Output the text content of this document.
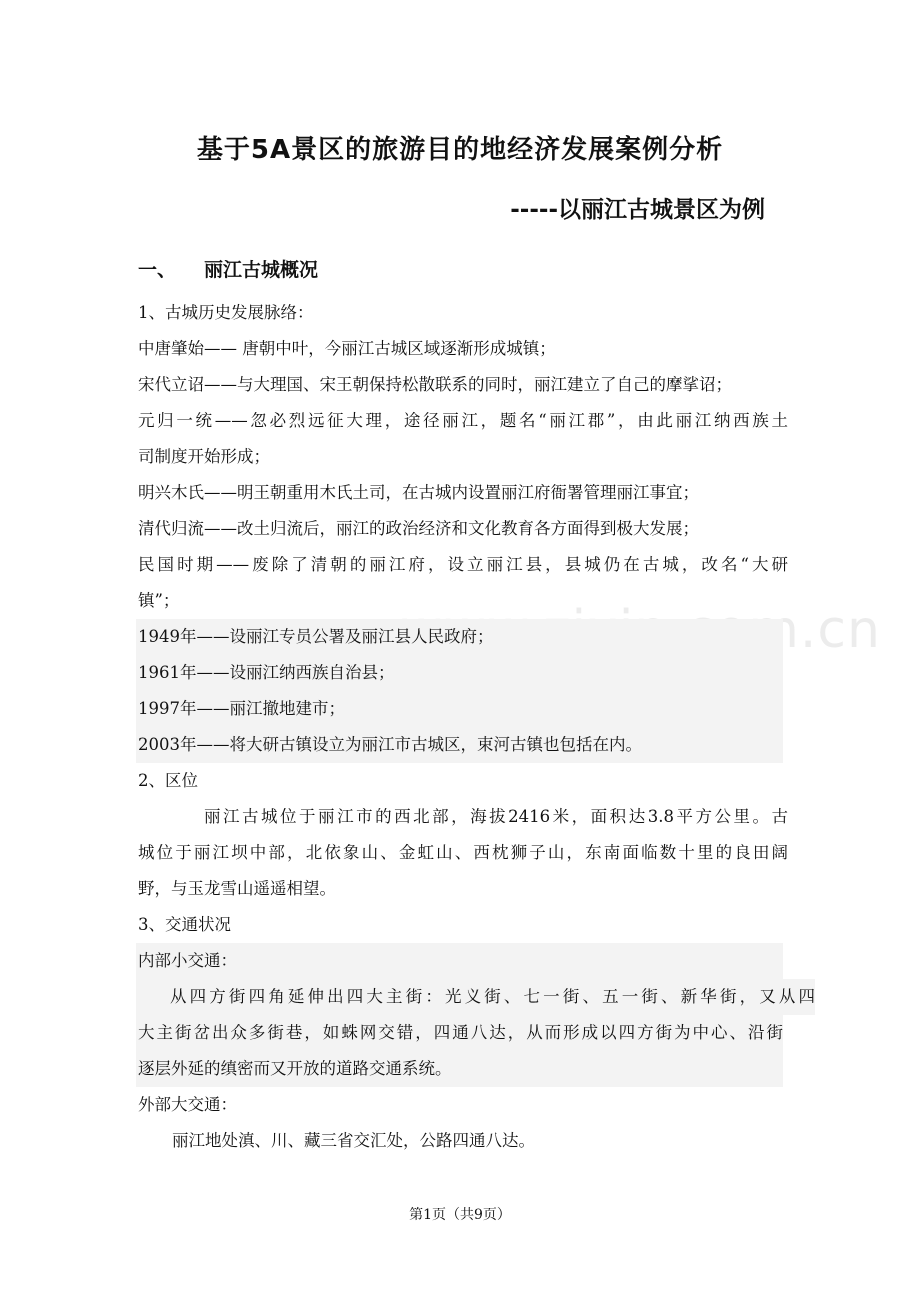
基于5A景区的旅游目的地经济发展案例分析
-----以丽江古城景区为例
一、 丽江古城概况
1、古城历史发展脉络：
中唐肇始—— 唐朝中叶，今丽江古城区域逐渐形成城镇；
宋代立诏——与大理国、宋王朝保持松散联系的同时，丽江建立了自己的摩挲诏；
元归一统——忽必烈远征大理，途径丽江，题名“丽江郡”，由此丽江纳西族土
司制度开始形成；
明兴木氏——明王朝重用木氏土司，在古城内设置丽江府衙署管理丽江事宜；
清代归流——改土归流后，丽江的政治经济和文化教育各方面得到极大发展；
民国时期——废除了清朝的丽江府，设立丽江县，县城仍在古城，改名“大研
镇”；
1949年——设丽江专员公署及丽江县人民政府；
1961年——设丽江纳西族自治县；
1997年——丽江撤地建市；
2003年——将大研古镇设立为丽江市古城区，束河古镇也包括在内。
2、区位
丽江古城位于丽江市的西北部，海拔2416米，面积达3.8平方公里。古
城位于丽江坝中部，北依象山、金虹山、西枕狮子山，东南面临数十里的良田阔
野，与玉龙雪山遥遥相望。
3、交通状况
内部小交通：
从四方街四角延伸出四大主街：光义街、七一街、五一街、新华街，又从四
大主街岔出众多街巷，如蛛网交错，四通八达，从而形成以四方街为中心、沿街
逐层外延的缜密而又开放的道路交通系统。
外部大交通：
丽江地处滇、川、藏三省交汇处，公路四通八达。
第1页（共9页）
